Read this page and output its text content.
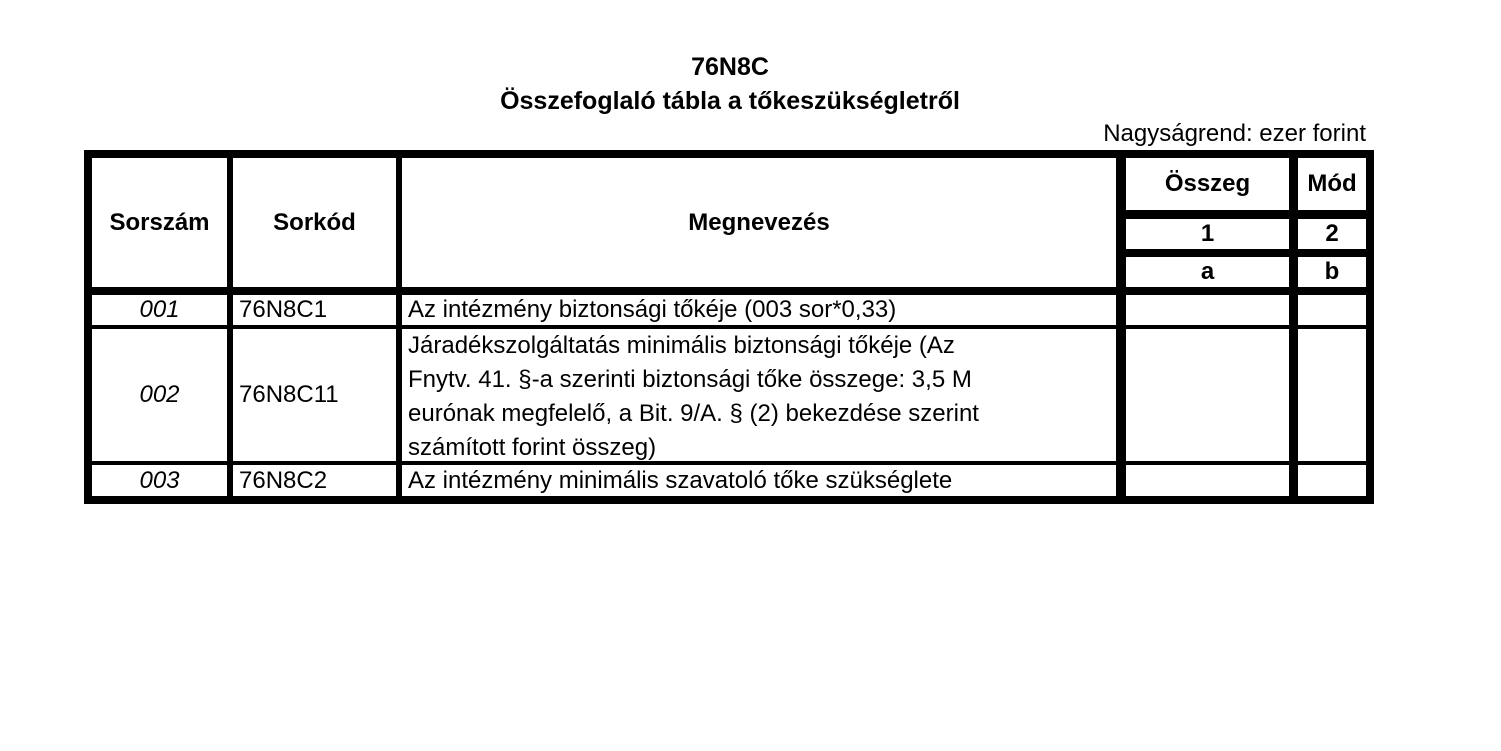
76N8C
Összefoglaló tábla a tőkeszükségletről
Nagyságrend: ezer forint
Sorszám	Sorkód	Megnevezés
Összeg	Mód
1	2
a	b
001	76N8C1	Az intézmény biztonsági tőkéje (003 sor*0,33)
002	76N8C11
Járadékszolgáltatás minimális biztonsági tőkéje (Az
Fnytv. 41. §-a szerinti biztonsági tőke összege: 3,5 M
eurónak megfelelő, a Bit. 9/A. § (2) bekezdése szerint
számított forint összeg)
003	76N8C2	Az intézmény minimális szavatoló tőke szükséglete
